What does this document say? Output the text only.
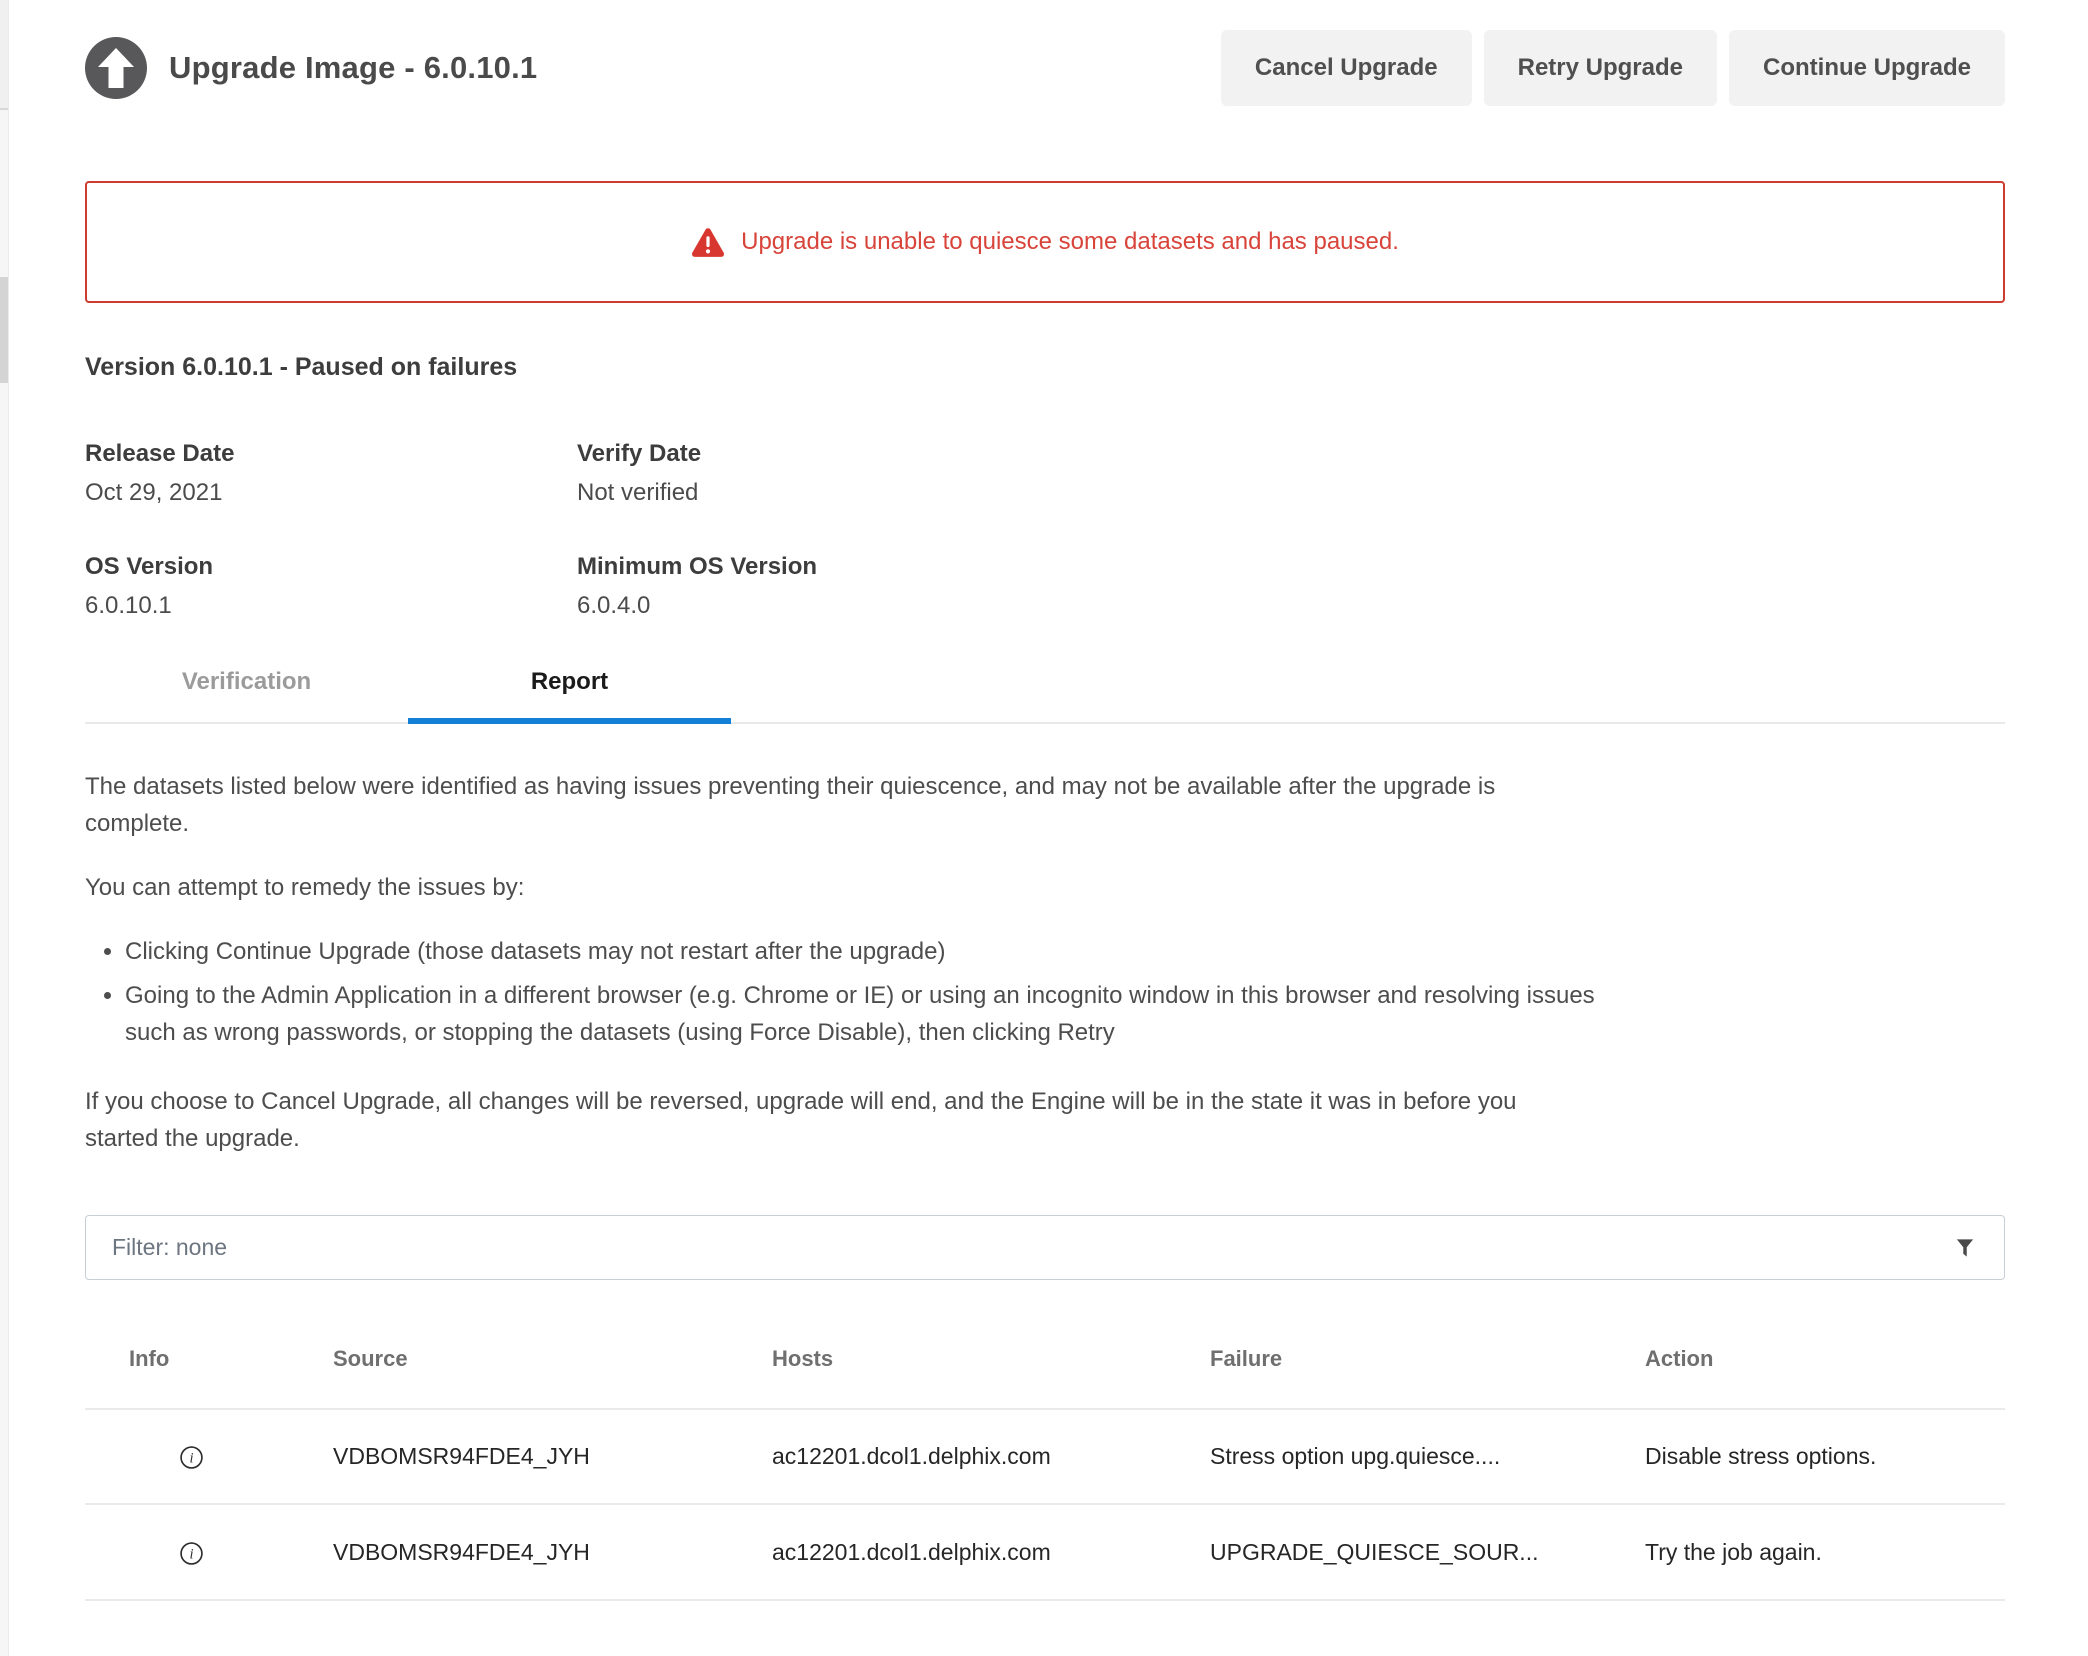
Upgrade Image - 6.0.10.1	Cancel Upgrade	Retry Upgrade	Continue Upgrade
Upgrade is unable to quiesce some datasets and has paused.
Version 6.0.10.1 - Paused on failures
Release Date
Oct 29, 2021
Verify Date
Not verified
OS Version
6.0.10.1
Minimum OS Version
6.0.4.0
Verification	Report

The datasets listed below were identified as having issues preventing their quiescence, and may not be available after the upgrade is complete.

You can attempt to remedy the issues by:

• Clicking Continue Upgrade (those datasets may not restart after the upgrade)
• Going to the Admin Application in a different browser (e.g. Chrome or IE) or using an incognito window in this browser and resolving issues such as wrong passwords, or stopping the datasets (using Force Disable), then clicking Retry

If you choose to Cancel Upgrade, all changes will be reversed, upgrade will end, and the Engine will be in the state it was in before you started the upgrade.

Filter: none
Info	Source	Hosts	Failure	Action

i	VDBOMSR94FDE4_JYH	ac12201.dcol1.delphix.com	Stress option upg.quiesce....	Disable stress options.

i	VDBOMSR94FDE4_JYH	ac12201.dcol1.delphix.com	UPGRADE_QUIESCE_SOUR...	Try the job again.
